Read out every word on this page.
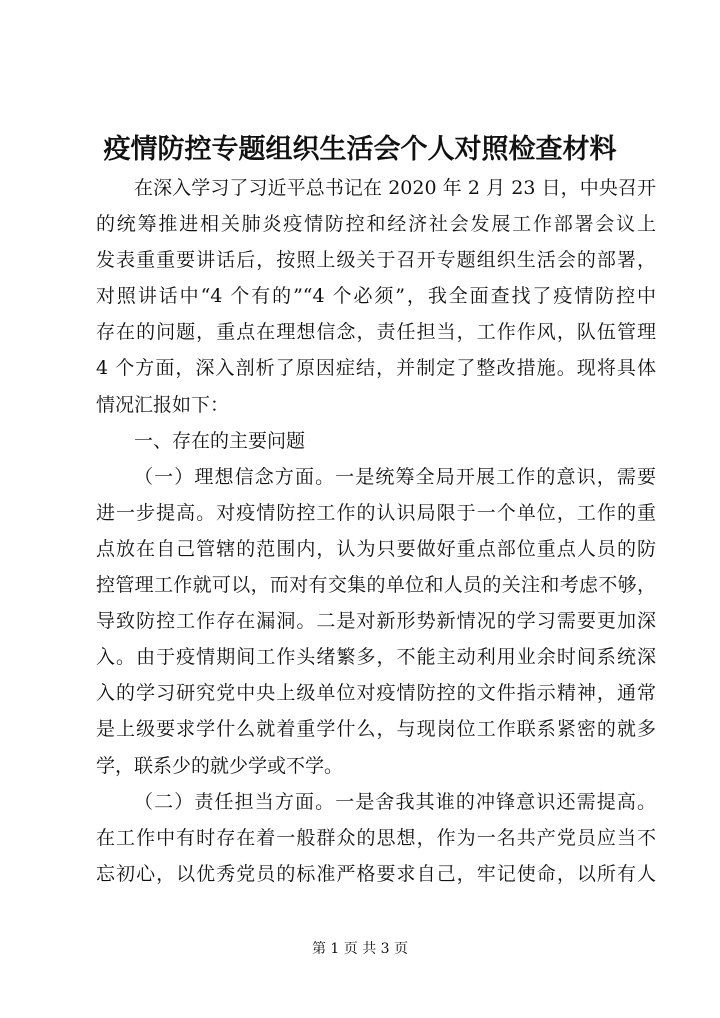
疫情防控专题组织生活会个人对照检查材料
在深入学习了习近平总书记在 2020 年 2 月 23 日，中央召开
的统筹推进相关肺炎疫情防控和经济社会发展工作部署会议上
发表重重要讲话后，按照上级关于召开专题组织生活会的部署，
对照讲话中“4 个有的”“4 个必须”，我全面查找了疫情防控中
存在的问题，重点在理想信念，责任担当，工作作风，队伍管理
4 个方面，深入剖析了原因症结，并制定了整改措施。现将具体
情况汇报如下：
一、存在的主要问题
（一）理想信念方面。一是统筹全局开展工作的意识，需要
进一步提高。对疫情防控工作的认识局限于一个单位，工作的重
点放在自己管辖的范围内，认为只要做好重点部位重点人员的防
控管理工作就可以，而对有交集的单位和人员的关注和考虑不够，
导致防控工作存在漏洞。二是对新形势新情况的学习需要更加深
入。由于疫情期间工作头绪繁多，不能主动利用业余时间系统深
入的学习研究党中央上级单位对疫情防控的文件指示精神，通常
是上级要求学什么就着重学什么，与现岗位工作联系紧密的就多
学，联系少的就少学或不学。
（二）责任担当方面。一是舍我其谁的冲锋意识还需提高。
在工作中有时存在着一般群众的思想，作为一名共产党员应当不
忘初心，以优秀党员的标准严格要求自己，牢记使命，以所有人
第 1 页 共 3 页
